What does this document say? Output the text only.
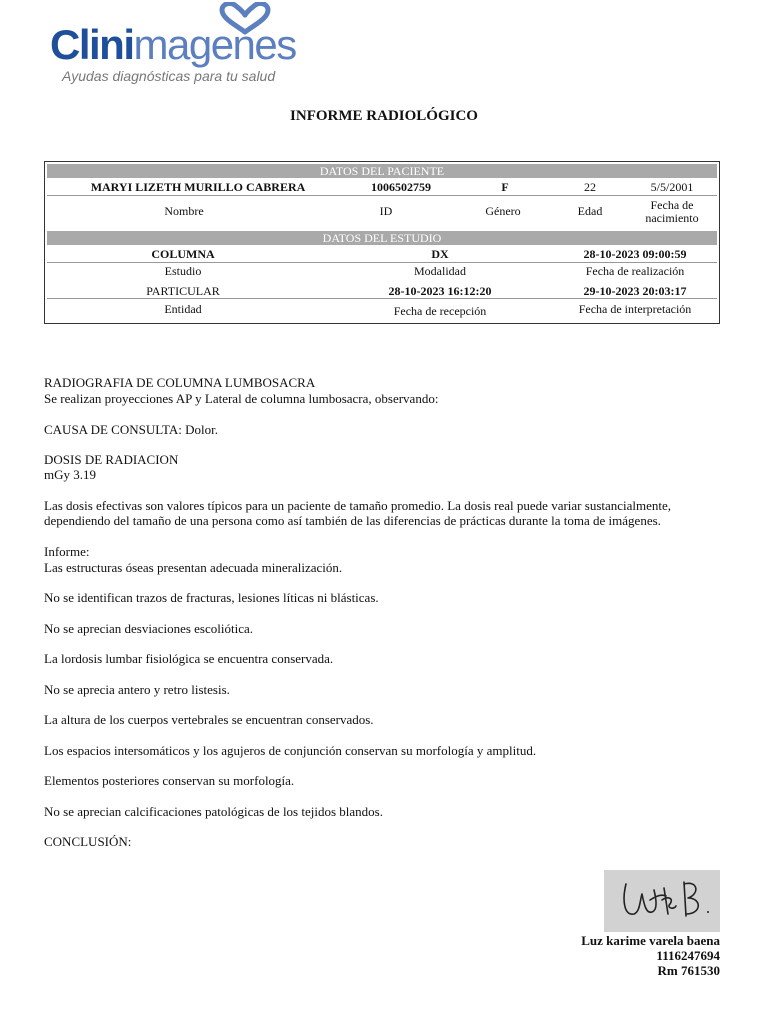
Clinimagenes
Ayudas diagnósticas para tu salud
INFORME RADIOLÓGICO
DATOS DEL PACIENTE
MARYI LIZETH MURILLO CABRERA	1006502759	F	22	5/5/2001
Nombre	ID	Género	Edad	Fecha de nacimiento
DATOS DEL ESTUDIO
COLUMNA	DX	28-10-2023 09:00:59
Estudio	Modalidad	Fecha de realización
PARTICULAR	28-10-2023 16:12:20	29-10-2023 20:03:17
Entidad	Fecha de recepción	Fecha de interpretación
RADIOGRAFIA DE COLUMNA LUMBOSACRA
Se realizan proyecciones AP y Lateral de columna lumbosacra, observando:
CAUSA DE CONSULTA: Dolor.
DOSIS DE RADIACION
mGy 3.19
Las dosis efectivas son valores típicos para un paciente de tamaño promedio. La dosis real puede variar sustancialmente, dependiendo del tamaño de una persona como así también de las diferencias de prácticas durante la toma de imágenes.
Informe:
Las estructuras óseas presentan adecuada mineralización.
No se identifican trazos de fracturas, lesiones líticas ni blásticas.
No se aprecian desviaciones escoliótica.
La lordosis lumbar fisiológica se encuentra conservada.
No se aprecia antero y retro listesis.
La altura de los cuerpos vertebrales se encuentran conservados.
Los espacios intersomáticos y los agujeros de conjunción conservan su morfología y amplitud.
Elementos posteriores conservan su morfología.
No se aprecian calcificaciones patológicas de los tejidos blandos.
CONCLUSIÓN:
Luz karime varela baena
1116247694
Rm 761530
